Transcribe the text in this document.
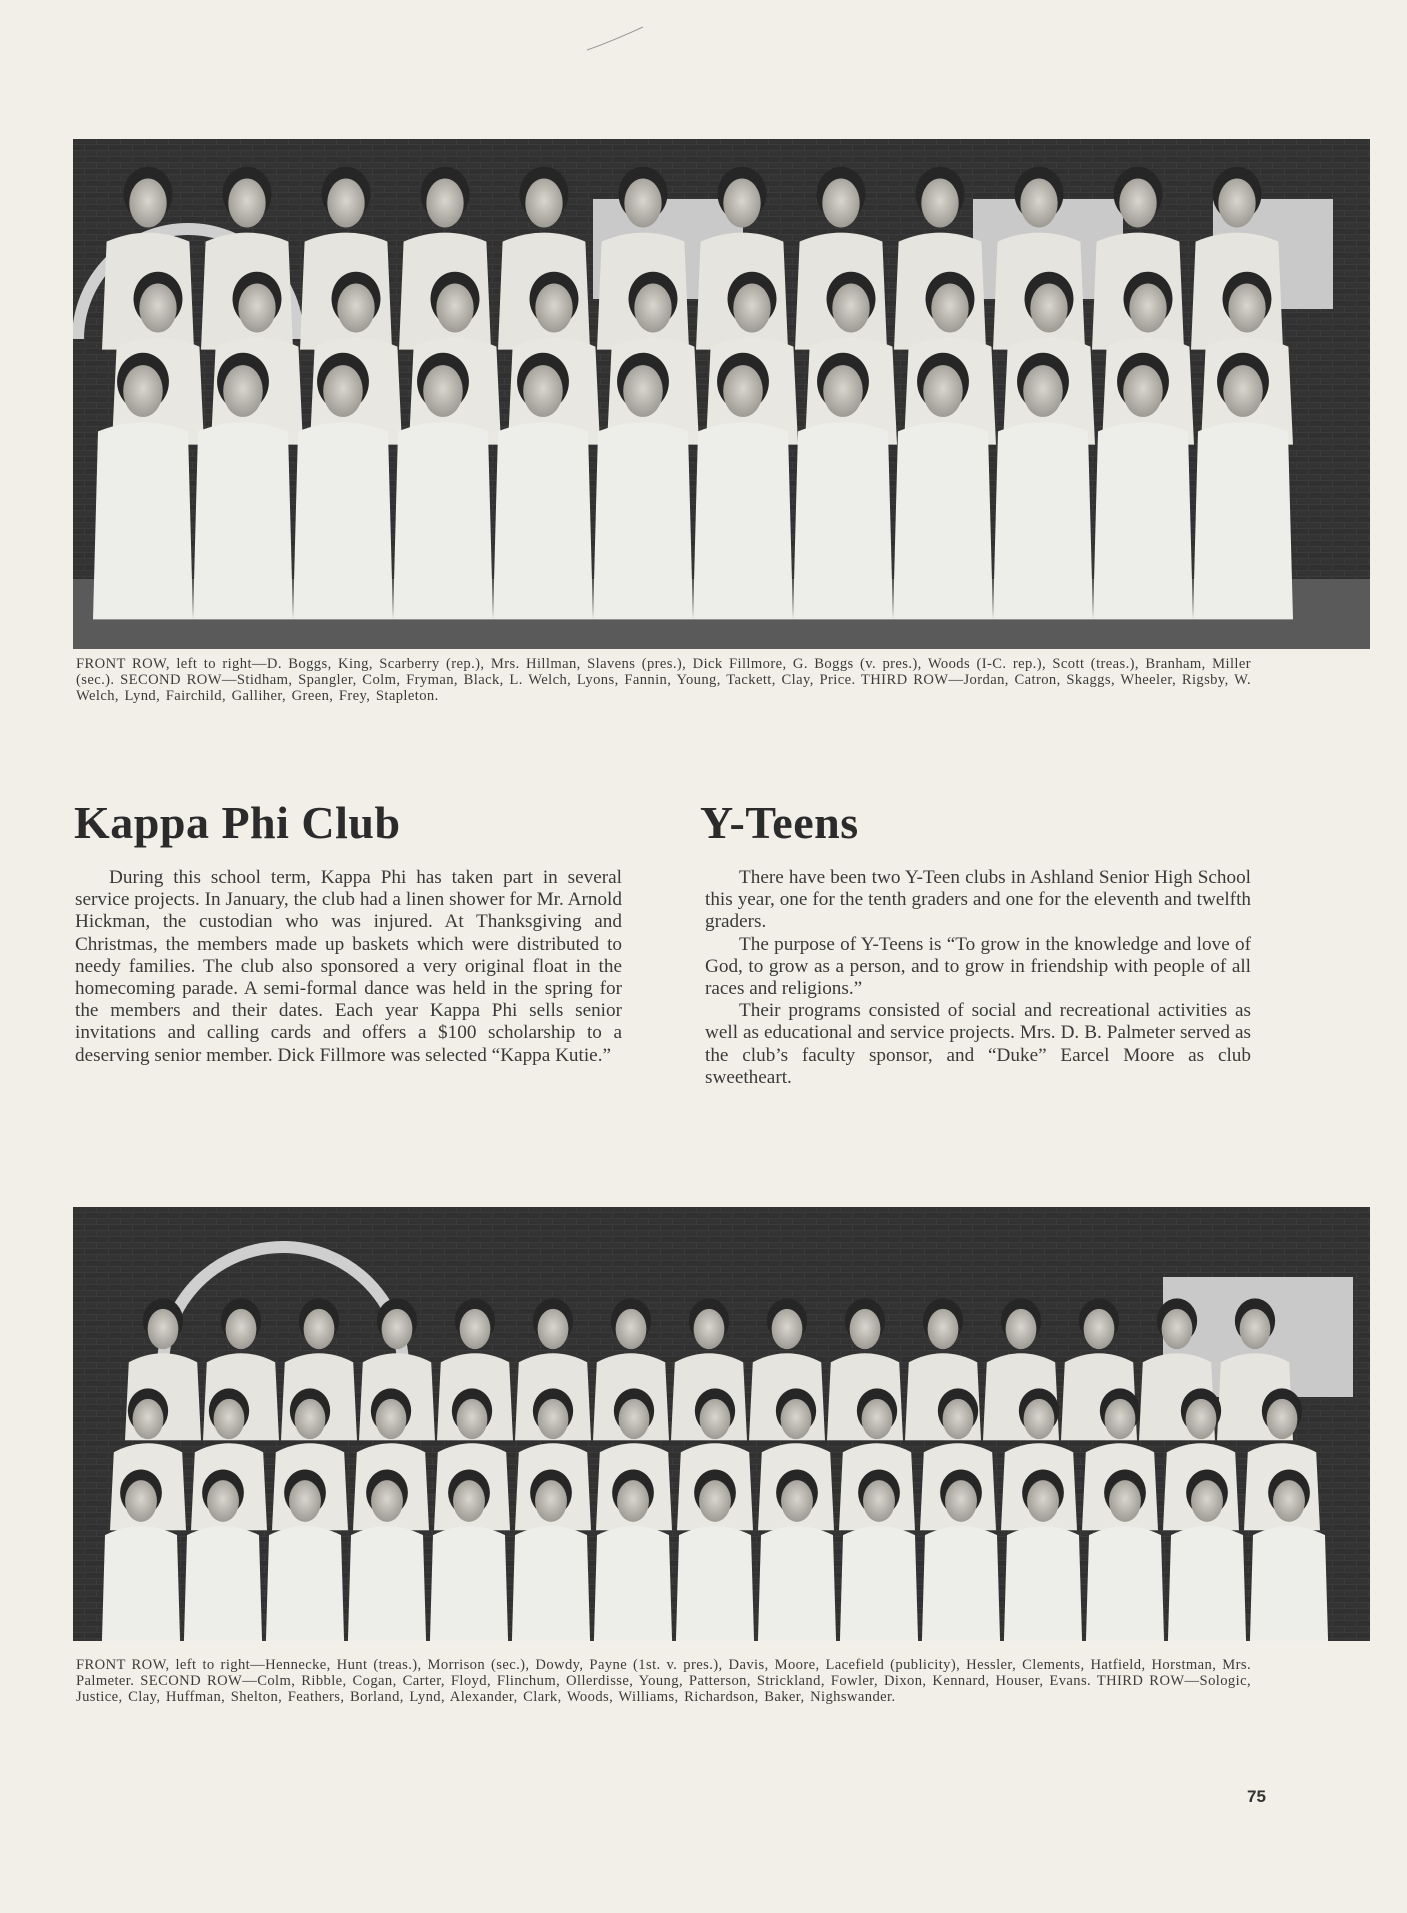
FRONT ROW, left to right—D. Boggs, King, Scarberry (rep.), Mrs. Hillman, Slavens (pres.), Dick Fillmore, G. Boggs (v. pres.), Woods (I-C. rep.), Scott (treas.), Branham, Miller (sec.). SECOND ROW—Stidham, Spangler, Colm, Fryman, Black, L. Welch, Lyons, Fannin, Young, Tackett, Clay, Price. THIRD ROW—Jordan, Catron, Skaggs, Wheeler, Rigsby, W. Welch, Lynd, Fairchild, Galliher, Green, Frey, Stapleton.
Kappa Phi Club	Y-Teens

During this school term, Kappa Phi has taken part in several service projects. In January, the club had a linen shower for Mr. Arnold Hickman, the custodian who was injured. At Thanksgiving and Christmas, the members made up baskets which were distributed to needy families. The club also sponsored a very original float in the homecoming parade. A semi-formal dance was held in the spring for the members and their dates. Each year Kappa Phi sells senior invitations and calling cards and offers a $100 scholarship to a deserving senior member. Dick Fillmore was selected “Kappa Kutie.”

There have been two Y-Teen clubs in Ashland Senior High School this year, one for the tenth graders and one for the eleventh and twelfth graders.

The purpose of Y-Teens is “To grow in the knowledge and love of God, to grow as a person, and to grow in friendship with people of all races and religions.”

Their programs consisted of social and recreational activities as well as educational and service projects. Mrs. D. B. Palmeter served as the club’s faculty sponsor, and “Duke” Earcel Moore as club sweetheart.

FRONT ROW, left to right—Hennecke, Hunt (treas.), Morrison (sec.), Dowdy, Payne (1st. v. pres.), Davis, Moore, Lacefield (publicity), Hessler, Clements, Hatfield, Horstman, Mrs. Palmeter. SECOND ROW—Colm, Ribble, Cogan, Carter, Floyd, Flinchum, Ollerdisse, Young, Patterson, Strickland, Fowler, Dixon, Kennard, Houser, Evans. THIRD ROW—Sologic, Justice, Clay, Huffman, Shelton, Feathers, Borland, Lynd, Alexander, Clark, Woods, Williams, Richardson, Baker, Nighswander.
75
